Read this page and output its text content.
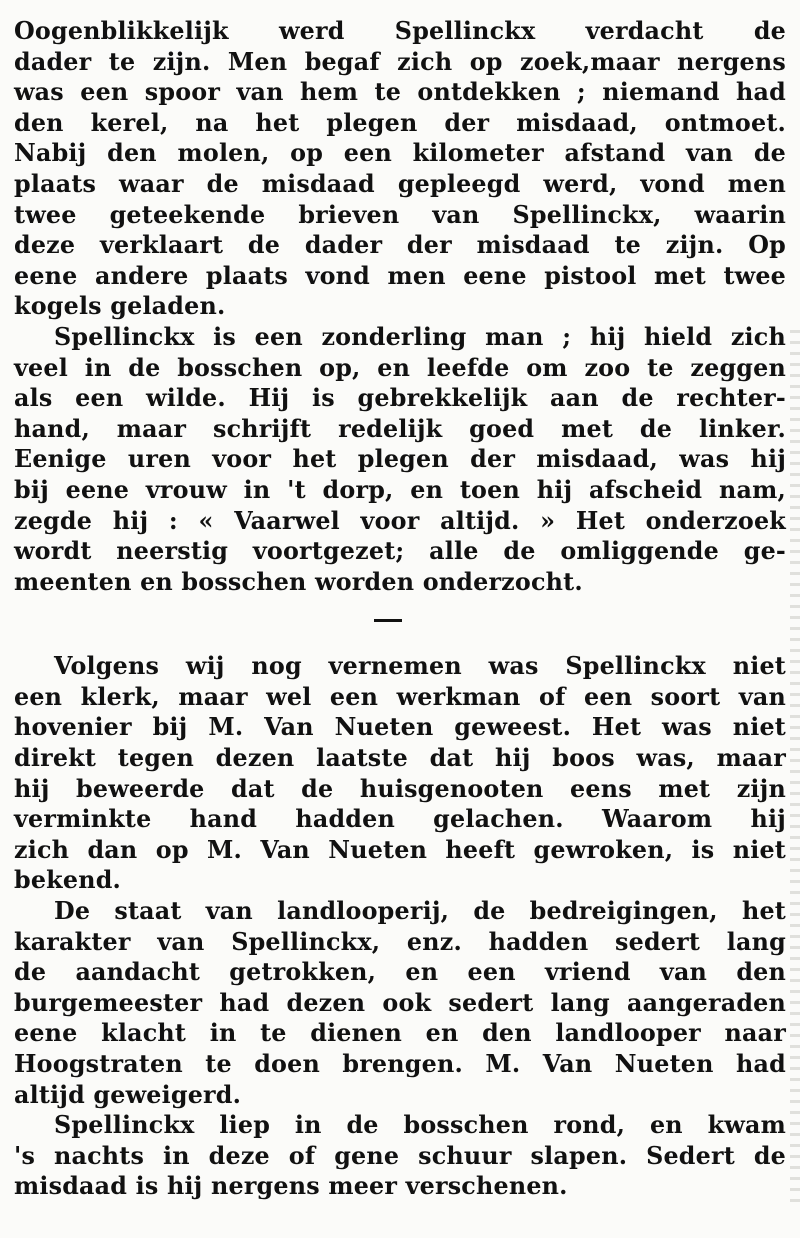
Oogenblikkelijk werd Spellinckx verdacht de
dader te zijn. Men begaf zich op zoek,maar nergens
was een spoor van hem te ontdekken ; niemand had
den kerel, na het plegen der misdaad, ontmoet.
Nabij den molen, op een kilometer afstand van de
plaats waar de misdaad gepleegd werd, vond men
twee geteekende brieven van Spellinckx, waarin
deze verklaart de dader der misdaad te zijn. Op
eene andere plaats vond men eene pistool met twee
kogels geladen.
Spellinckx is een zonderling man ; hij hield zich
veel in de bosschen op, en leefde om zoo te zeggen
als een wilde. Hij is gebrekkelijk aan de rechter-
hand, maar schrijft redelijk goed met de linker.
Eenige uren voor het plegen der misdaad, was hij
bij eene vrouw in 't dorp, en toen hij afscheid nam,
zegde hij : « Vaarwel voor altijd. » Het onderzoek
wordt neerstig voortgezet; alle de omliggende ge-
meenten en bosschen worden onderzocht.
Volgens wij nog vernemen was Spellinckx niet
een klerk, maar wel een werkman of een soort van
hovenier bij M. Van Nueten geweest. Het was niet
direkt tegen dezen laatste dat hij boos was, maar
hij beweerde dat de huisgenooten eens met zijn
verminkte hand hadden gelachen. Waarom hij
zich dan op M. Van Nueten heeft gewroken, is niet
bekend.
De staat van landlooperij, de bedreigingen, het
karakter van Spellinckx, enz. hadden sedert lang
de aandacht getrokken, en een vriend van den
burgemeester had dezen ook sedert lang aangeraden
eene klacht in te dienen en den landlooper naar
Hoogstraten te doen brengen. M. Van Nueten had
altijd geweigerd.
Spellinckx liep in de bosschen rond, en kwam
's nachts in deze of gene schuur slapen. Sedert de
misdaad is hij nergens meer verschenen.
